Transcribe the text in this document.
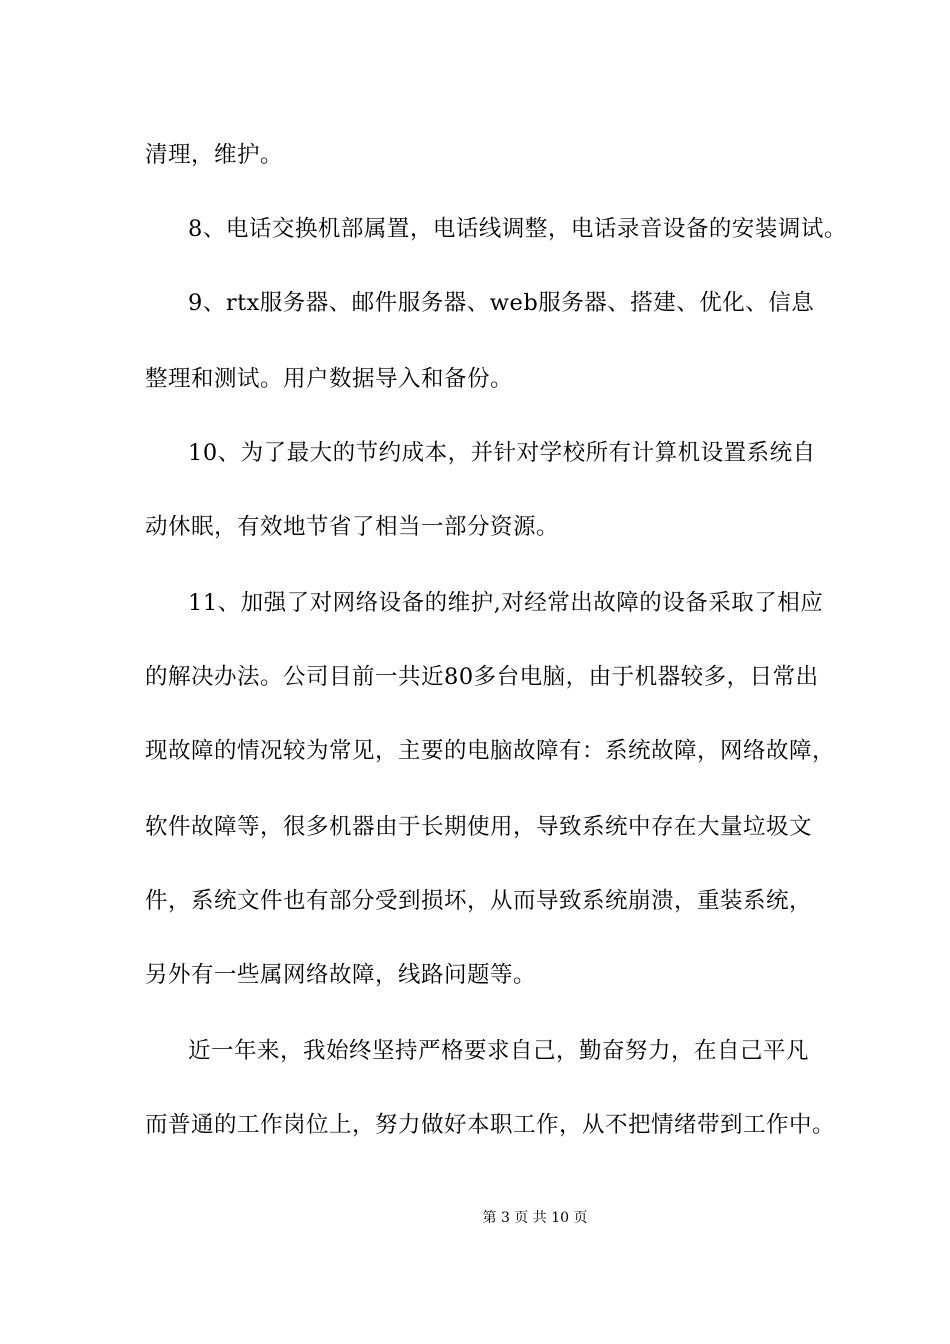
清理，维护。
8、电话交换机部属置，电话线调整，电话录音设备的安装调试。
9、rtx服务器、邮件服务器、web服务器、搭建、优化、信息
整理和测试。用户数据导入和备份。
10、为了最大的节约成本，并针对学校所有计算机设置系统自
动休眠，有效地节省了相当一部分资源。
11、加强了对网络设备的维护,对经常出故障的设备采取了相应
的解决办法。公司目前一共近80多台电脑，由于机器较多，日常出
现故障的情况较为常见，主要的电脑故障有：系统故障，网络故障，
软件故障等，很多机器由于长期使用，导致系统中存在大量垃圾文
件，系统文件也有部分受到损坏，从而导致系统崩溃，重装系统，
另外有一些属网络故障，线路问题等。
近一年来，我始终坚持严格要求自己，勤奋努力，在自己平凡
而普通的工作岗位上，努力做好本职工作，从不把情绪带到工作中。
第 3 页 共 10 页
